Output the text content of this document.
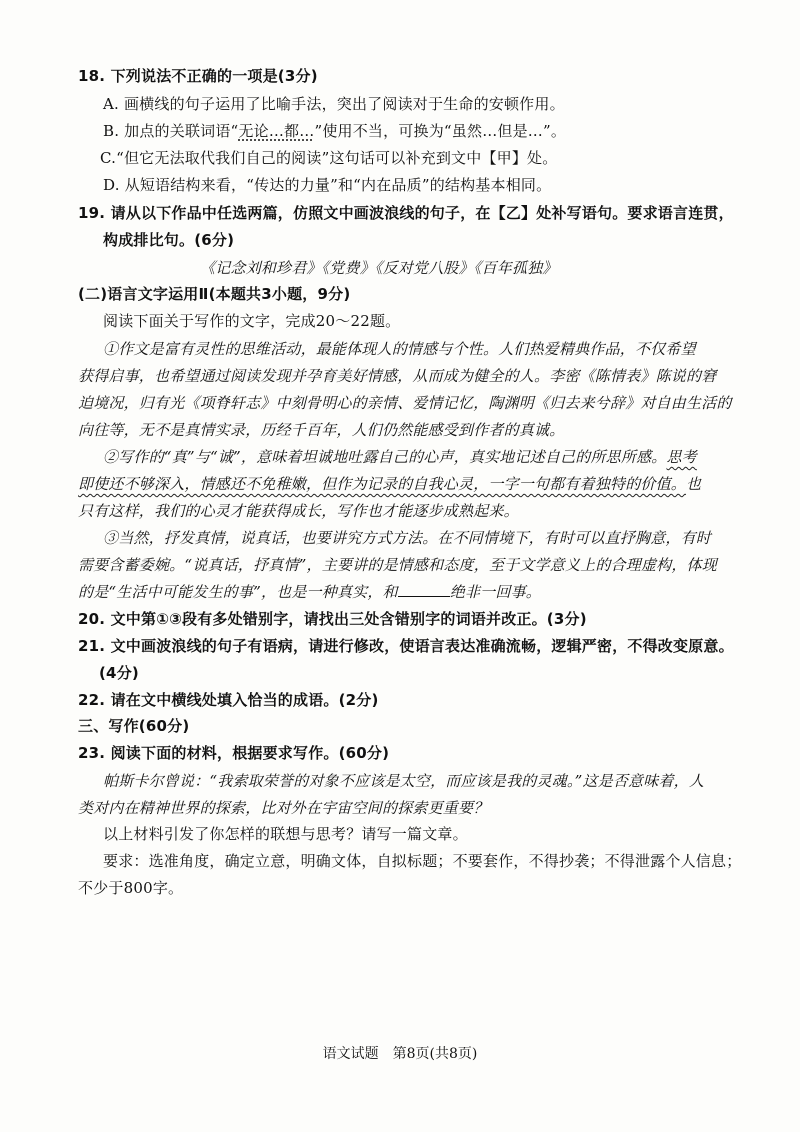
18. 下列说法不正确的一项是(3分)
A. 画横线的句子运用了比喻手法，突出了阅读对于生命的安顿作用。
B. 加点的关联词语“无论…都…”使用不当，可换为“虽然…但是…”。
C.“但它无法取代我们自己的阅读”这句话可以补充到文中【甲】处。
D. 从短语结构来看，“传达的力量”和“内在品质”的结构基本相同。
19. 请从以下作品中任选两篇，仿照文中画波浪线的句子，在【乙】处补写语句。要求语言连贯，
构成排比句。(6分)
《记念刘和珍君》《党费》《反对党八股》《百年孤独》
(二)语言文字运用Ⅱ(本题共3小题，9分)
阅读下面关于写作的文字，完成20～22题。
①作文是富有灵性的思维活动，最能体现人的情感与个性。人们热爱精典作品，不仅希望
获得启事，也希望通过阅读发现并孕育美好情感，从而成为健全的人。李密《陈情表》陈说的窘
迫境况，归有光《项脊轩志》中刻骨明心的亲情、爱情记忆，陶渊明《归去来兮辞》对自由生活的
向往等，无不是真情实录，历经千百年，人们仍然能感受到作者的真诚。
②写作的“真”与“诚”，意味着坦诚地吐露自己的心声，真实地记述自己的所思所感。思考
即使还不够深入，情感还不免稚嫩，但作为记录的自我心灵，一字一句都有着独特的价值。也
只有这样，我们的心灵才能获得成长，写作也才能逐步成熟起来。
③当然，抒发真情，说真话，也要讲究方式方法。在不同情境下，有时可以直抒胸意，有时
需要含蓄委婉。“说真话，抒真情”，主要讲的是情感和态度，至于文学意义上的合理虚构，体现
的是“生活中可能发生的事”，也是一种真实，和	绝非一回事。
20. 文中第①③段有多处错别字，请找出三处含错别字的词语并改正。(3分)
21. 文中画波浪线的句子有语病，请进行修改，使语言表达准确流畅，逻辑严密，不得改变原意。
(4分)
22. 请在文中横线处填入恰当的成语。(2分)
三、写作(60分)
23. 阅读下面的材料，根据要求写作。(60分)
帕斯卡尔曾说：“我索取荣誉的对象不应该是太空，而应该是我的灵魂。”这是否意味着，人
类对内在精神世界的探索，比对外在宇宙空间的探索更重要？
以上材料引发了你怎样的联想与思考？请写一篇文章。
要求：选准角度，确定立意，明确文体，自拟标题；不要套作，不得抄袭；不得泄露个人信息；
不少于800字。
语文试题　第8页(共8页)
